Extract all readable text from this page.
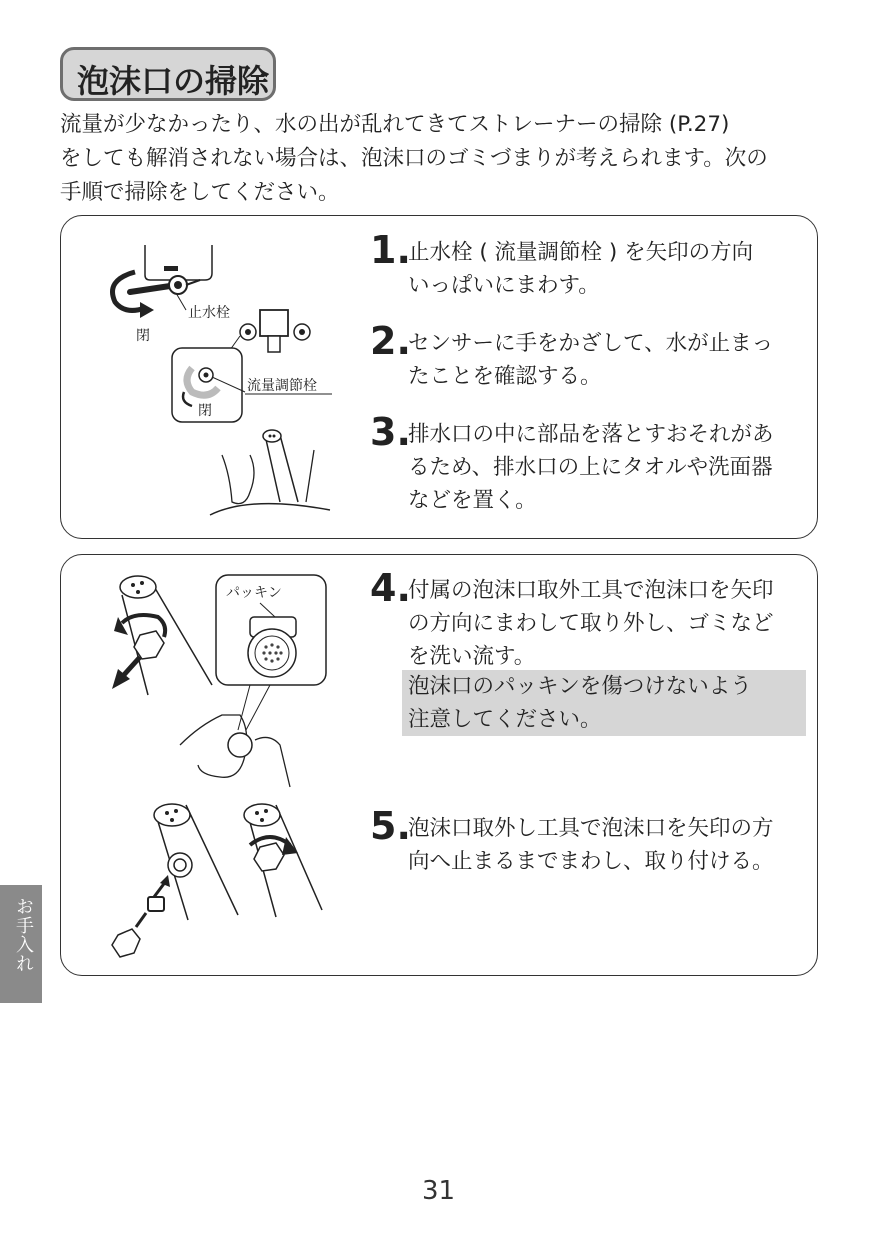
泡沫口の掃除
流量が少なかったり、水の出が乱れてきてストレーナーの掃除 (P.27)
をしても解消されない場合は、泡沫口のゴミづまりが考えられます。次の
手順で掃除をしてください。
閉
止水栓
閉
流量調節栓
1.
止水栓 ( 流量調節栓 ) を矢印の方向
いっぱいにまわす。
2.
センサーに手をかざして、水が止まっ
たことを確認する。
3.
排水口の中に部品を落とすおそれがあ
るため、排水口の上にタオルや洗面器
などを置く。
パッキン 4.
付属の泡沫口取外工具で泡沫口を矢印
の方向にまわして取り外し、ゴミなど
を洗い流す。
泡沫口のパッキンを傷つけないよう
注意してください。
5.
泡沫口取外し工具で泡沫口を矢印の方
向へ止まるまでまわし、取り付ける。
お手入れ
31
